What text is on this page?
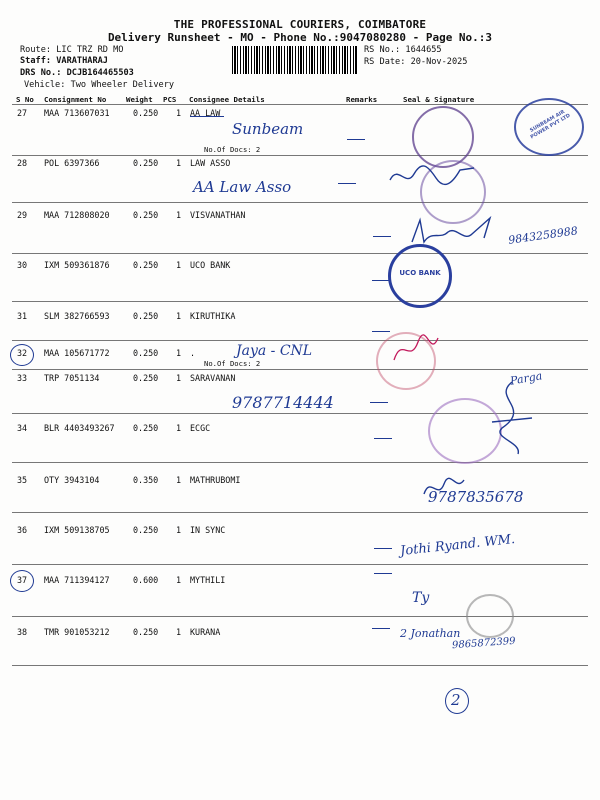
THE PROFESSIONAL COURIERS, COIMBATORE
Delivery Runsheet - MO - Phone No.:9047080280 - Page No.:3
Route: LIC TRZ RD MO
Staff: VARATHARAJ
DRS No.: DCJB164465503
Vehicle: Two Wheeler Delivery
RS No.: 1644655
RS Date: 20-Nov-2025
S No Consignment No	Weight PCS Consignee Details	Remarks	Seal & Signature
27 MAA 713607031	0.250 1 AA LAW
No.Of Docs: 2
28 POL 6397366	0.250 1 LAW ASSO
29 MAA 712808020	0.250 1 VISVANATHAN
30 IXM 509361876	0.250 1 UCO BANK
31 SLM 382766593	0.250 1 KIRUTHIKA
32 MAA 105671772	0.250 1 .
No.Of Docs: 2
33 TRP 7051134	0.250 1 SARAVANAN
34 BLR 4403493267 0.250 1 ECGC
35 OTY 3943104	0.350 1 MATHRUBOMI
36 IXM 509138705	0.250 1 IN SYNC
37 MAA 711394127	0.600 1 MYTHILI
38 TMR 901053212	0.250 1 KURANA
Sunbeam
AA Law Asso
9843258988
Jaya - CNL
9787714444
Parga
9787835678
Jothi Ryand. WM.
Ty
2 Jonathan
9865872399
SUNBEAM AIR POWER PVT LTD
UCO BANK
2
